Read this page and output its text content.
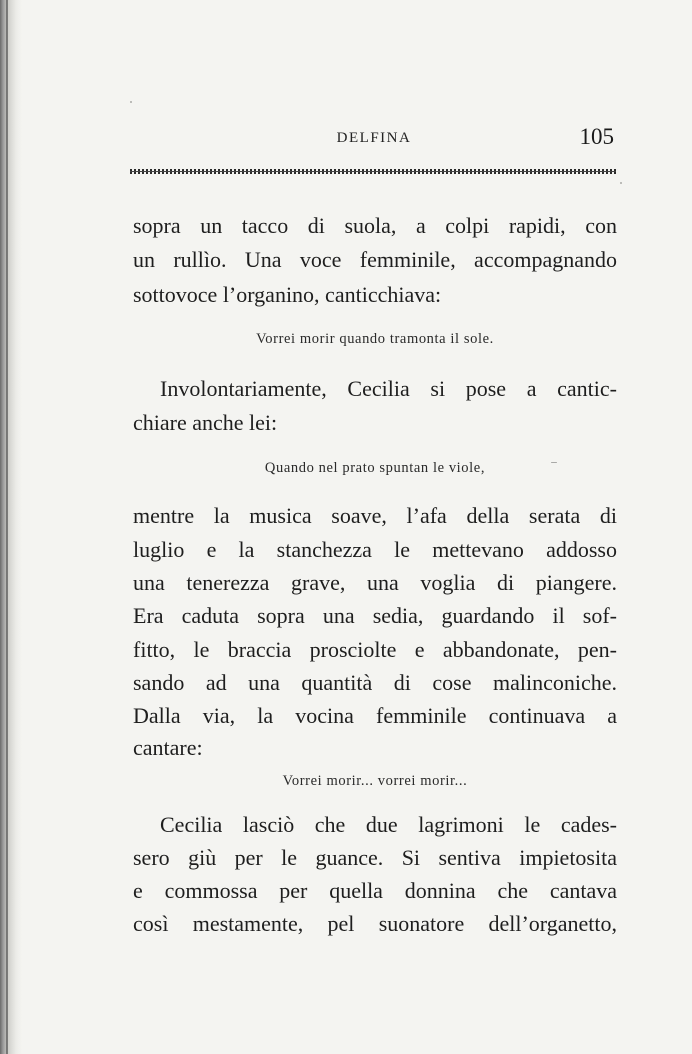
DELFINA	105
sopra un tacco di suola, a colpi rapidi, con
un rullìo. Una voce femminile, accompagnando
sottovoce l’organino, canticchiava:
Vorrei morir quando tramonta il sole.
Involontariamente, Cecilia si pose a cantic-
chiare anche lei:
Quando nel prato spuntan le viole,
mentre la musica soave, l’afa della serata di
luglio e la stanchezza le mettevano addosso
una tenerezza grave, una voglia di piangere.
Era caduta sopra una sedia, guardando il sof-
fitto, le braccia prosciolte e abbandonate, pen-
sando ad una quantità di cose malinconiche.
Dalla via, la vocina femminile continuava a
cantare:
Vorrei morir... vorrei morir...
Cecilia lasciò che due lagrimoni le cades-
sero giù per le guance. Si sentiva impietosita
e commossa per quella donnina che cantava
così mestamente, pel suonatore dell’organetto,
